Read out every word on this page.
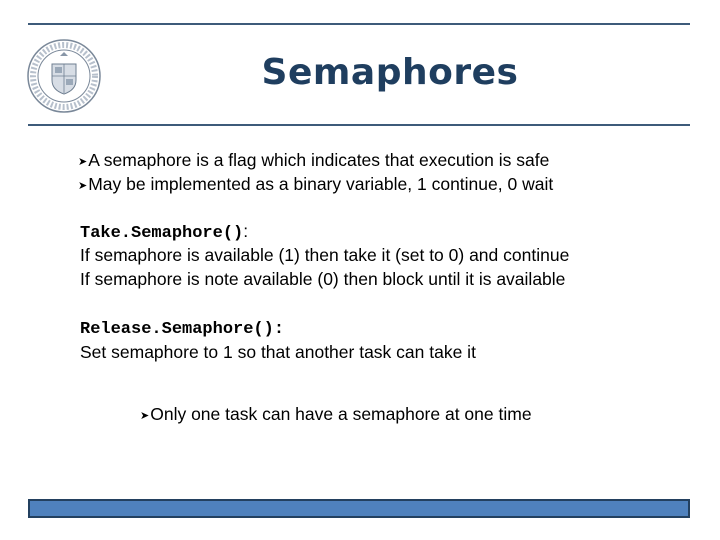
Semaphores
➤A semaphore is a flag which indicates that execution is safe
➤May be implemented as a binary variable, 1 continue, 0 wait
Take.Semaphore():
If semaphore is available (1) then take it (set to 0) and continue
If semaphore is note available (0) then block until it is available
Release.Semaphore():
Set semaphore to 1 so that another task can take it
➤Only one task can have a semaphore at one time
